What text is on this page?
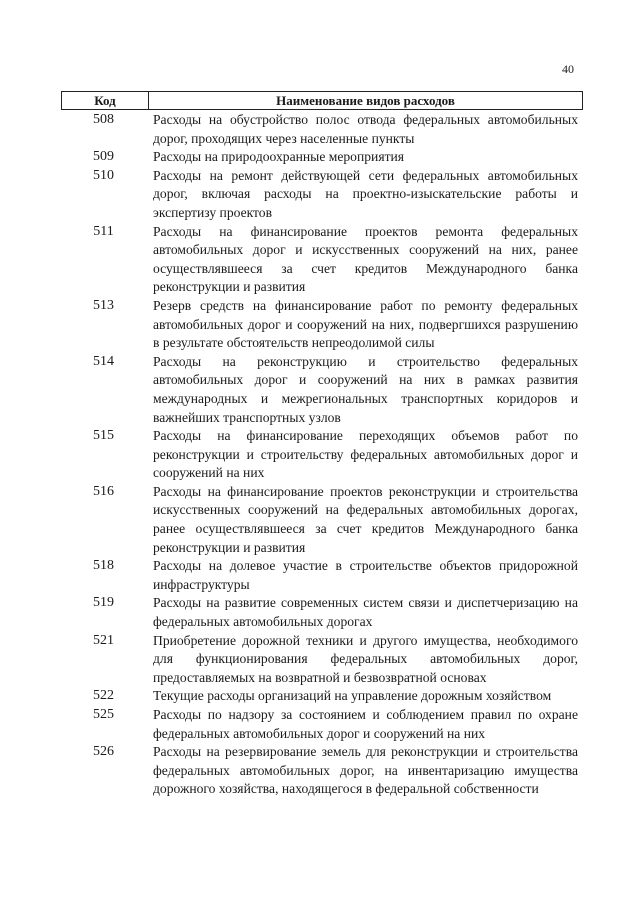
40
Код	Наименование видов расходов
508	Расходы на обустройство полос отвода федеральных автомобильных дорог, проходящих через населенные пункты
509	Расходы на природоохранные мероприятия
510	Расходы на ремонт действующей сети федеральных автомобильных дорог, включая расходы на проектно-изыскательские работы и экспертизу проектов
511	Расходы на финансирование проектов ремонта федеральных автомобильных дорог и искусственных сооружений на них, ранее осуществлявшееся за счет кредитов Международного банка реконструкции и развития
513	Резерв средств на финансирование работ по ремонту федеральных автомобильных дорог и сооружений на них, подвергшихся разрушению в результате обстоятельств непреодолимой силы
514	Расходы на реконструкцию и строительство федеральных автомобильных дорог и сооружений на них в рамках развития международных и межрегиональных транспортных коридоров и важнейших транспортных узлов
515	Расходы на финансирование переходящих объемов работ по реконструкции и строительству федеральных автомобильных дорог и сооружений на них
516	Расходы на финансирование проектов реконструкции и строительства искусственных сооружений на федеральных автомобильных дорогах, ранее осуществлявшееся за счет кредитов Международного банка реконструкции и развития
518	Расходы на долевое участие в строительстве объектов придорожной инфраструктуры
519	Расходы на развитие современных систем связи и диспетчеризацию на федеральных автомобильных дорогах
521	Приобретение дорожной техники и другого имущества, необходимого для функционирования федеральных автомобильных дорог, предоставляемых на возвратной и безвозвратной основах
522	Текущие расходы организаций на управление дорожным хозяйством
525	Расходы по надзору за состоянием и соблюдением правил по охране федеральных автомобильных дорог и сооружений на них
526	Расходы на резервирование земель для реконструкции и строительства федеральных автомобильных дорог, на инвентаризацию имущества дорожного хозяйства, находящегося в федеральной собственности
